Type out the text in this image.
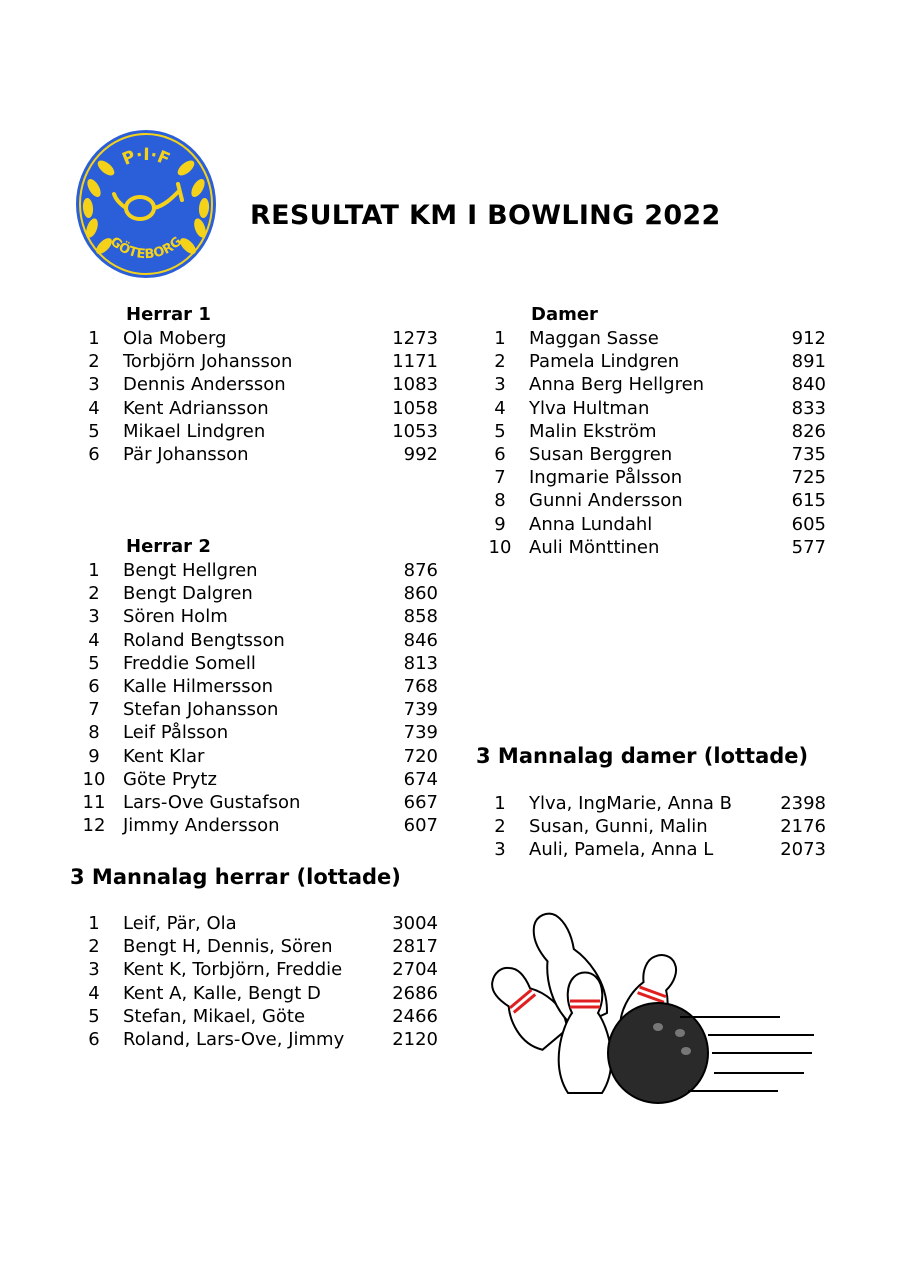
P·I·F
GÖTEBORG
RESULTAT KM I BOWLING 2022
Herrar 1
1	Ola Moberg	1273
2	Torbjörn Johansson	1171
3	Dennis Andersson	1083
4	Kent Adriansson	1058
5	Mikael Lindgren	1053
6	Pär Johansson	992
Herrar 2
1	Bengt Hellgren	876
2	Bengt Dalgren	860
3	Sören Holm	858
4	Roland Bengtsson	846
5	Freddie Somell	813
6	Kalle Hilmersson	768
7	Stefan Johansson	739
8	Leif Pålsson	739
9	Kent Klar	720
10 Göte Prytz	674
11 Lars-Ove Gustafson	667
12 Jimmy Andersson	607
Damer
1	Maggan Sasse	912
2	Pamela Lindgren	891
3	Anna Berg Hellgren	840
4	Ylva Hultman	833
5	Malin Ekström	826
6	Susan Berggren	735
7	Ingmarie Pålsson	725
8	Gunni Andersson	615
9	Anna Lundahl	605
10 Auli Mönttinen	577
3 Mannalag damer (lottade)
1	Ylva, IngMarie, Anna B	2398
2	Susan, Gunni, Malin	2176
3	Auli, Pamela, Anna L	2073
3 Mannalag herrar (lottade)
1	Leif, Pär, Ola	3004
2	Bengt H, Dennis, Sören	2817
3	Kent K, Torbjörn, Freddie	2704
4	Kent A, Kalle, Bengt D	2686
5	Stefan, Mikael, Göte	2466
6	Roland, Lars-Ove, Jimmy	2120
